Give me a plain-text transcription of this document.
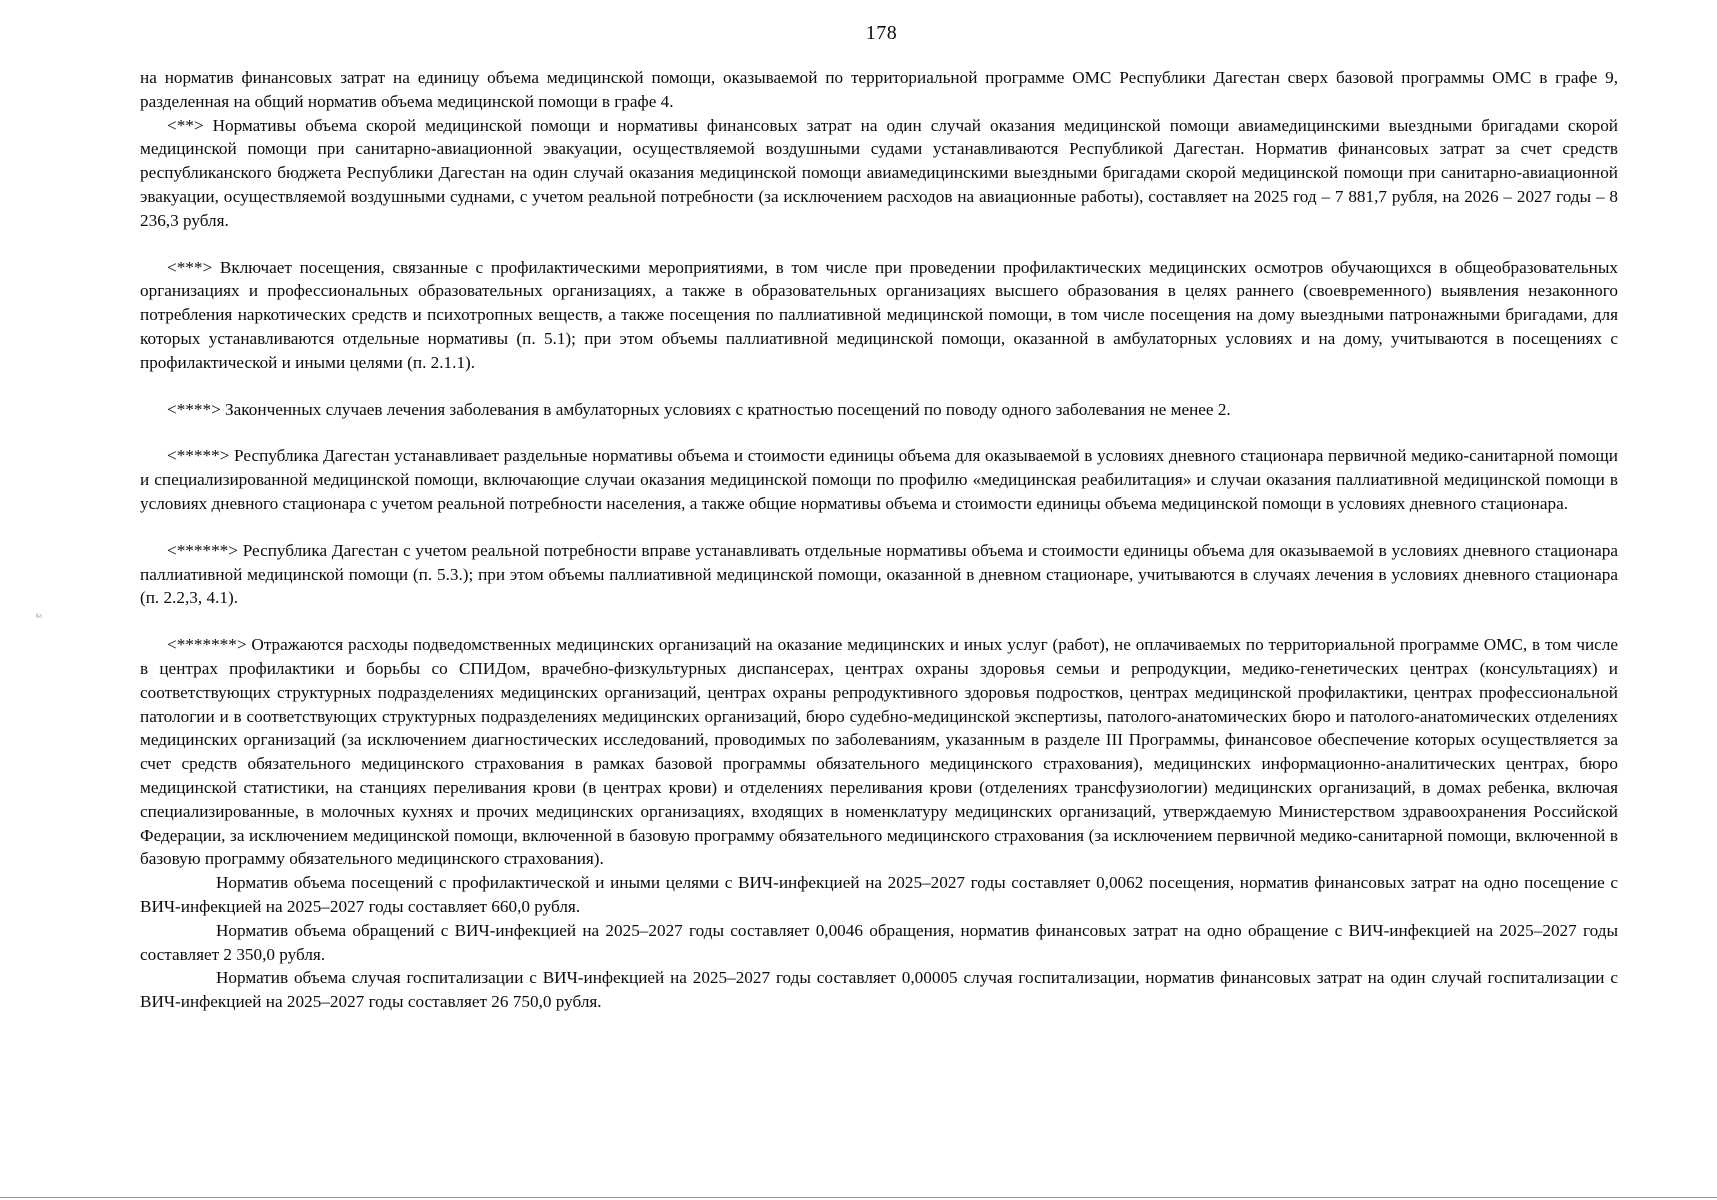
178
ᵏᵃ

на норматив финансовых затрат на единицу объема медицинской помощи, оказываемой по территориальной программе ОМС Республики Дагестан сверх базовой программы ОМС в графе 9, разделенная на общий норматив объема медицинской помощи в графе 4.

<**> Нормативы объема скорой медицинской помощи и нормативы финансовых затрат на один случай оказания медицинской помощи авиамедицинскими выездными бригадами скорой медицинской помощи при санитарно-авиационной эвакуации, осуществляемой воздушными судами устанавливаются Республикой Дагестан. Норматив финансовых затрат за счет средств республиканского бюджета Республики Дагестан на один случай оказания медицинской помощи авиамедицинскими выездными бригадами скорой медицинской помощи при санитарно-авиационной эвакуации, осуществляемой воздушными суднами, с учетом реальной потребности (за исключением расходов на авиационные работы), составляет на 2025 год – 7 881,7 рубля, на 2026 – 2027 годы – 8 236,3 рубля.

<***> Включает посещения, связанные с профилактическими мероприятиями, в том числе при проведении профилактических медицинских осмотров обучающихся в общеобразовательных организациях и профессиональных образовательных организациях, а также в образовательных организациях высшего образования в целях раннего (своевременного) выявления незаконного потребления наркотических средств и психотропных веществ, а также посещения по паллиативной медицинской помощи, в том числе посещения на дому выездными патронажными бригадами, для которых устанавливаются отдельные нормативы (п. 5.1); при этом объемы паллиативной медицинской помощи, оказанной в амбулаторных условиях и на дому, учитываются в посещениях с профилактической и иными целями (п. 2.1.1).

<****> Законченных случаев лечения заболевания в амбулаторных условиях с кратностью посещений по поводу одного заболевания не менее 2.

<*****> Республика Дагестан устанавливает раздельные нормативы объема и стоимости единицы объема для оказываемой в условиях дневного стационара первичной медико-санитарной помощи и специализированной медицинской помощи, включающие случаи оказания медицинской помощи по профилю «медицинская реабилитация» и случаи оказания паллиативной медицинской помощи в условиях дневного стационара с учетом реальной потребности населения, а также общие нормативы объема и стоимости единицы объема медицинской помощи в условиях дневного стационара.

<******> Республика Дагестан с учетом реальной потребности вправе устанавливать отдельные нормативы объема и стоимости единицы объема для оказываемой в условиях дневного стационара паллиативной медицинской помощи (п. 5.3.); при этом объемы паллиативной медицинской помощи, оказанной в дневном стационаре, учитываются в случаях лечения в условиях дневного стационара (п. 2.2,3, 4.1).

<*******> Отражаются расходы подведомственных медицинских организаций на оказание медицинских и иных услуг (работ), не оплачиваемых по территориальной программе ОМС, в том числе в центрах профилактики и борьбы со СПИДом, врачебно-физкультурных диспансерах, центрах охраны здоровья семьи и репродукции, медико-генетических центрах (консультациях) и соответствующих структурных подразделениях медицинских организаций, центрах охраны репродуктивного здоровья подростков, центрах медицинской профилактики, центрах профессиональной патологии и в соответствующих структурных подразделениях медицинских организаций, бюро судебно-медицинской экспертизы, патолого-анатомических бюро и патолого-анатомических отделениях медицинских организаций (за исключением диагностических исследований, проводимых по заболеваниям, указанным в разделе III Программы, финансовое обеспечение которых осуществляется за счет средств обязательного медицинского страхования в рамках базовой программы обязательного медицинского страхования), медицинских информационно-аналитических центрах, бюро медицинской статистики, на станциях переливания крови (в центрах крови) и отделениях переливания крови (отделениях трансфузиологии) медицинских организаций, в домах ребенка, включая специализированные, в молочных кухнях и прочих медицинских организациях, входящих в номенклатуру медицинских организаций, утверждаемую Министерством здравоохранения Российской Федерации, за исключением медицинской помощи, включенной в базовую программу обязательного медицинского страхования (за исключением первичной медико-санитарной помощи, включенной в базовую программу обязательного медицинского страхования).

Норматив объема посещений с профилактической и иными целями с ВИЧ-инфекцией на 2025–2027 годы составляет 0,0062 посещения, норматив финансовых затрат на одно посещение с ВИЧ-инфекцией на 2025–2027 годы составляет 660,0 рубля.

Норматив объема обращений с ВИЧ-инфекцией на 2025–2027 годы составляет 0,0046 обращения, норматив финансовых затрат на одно обращение с ВИЧ-инфекцией на 2025–2027 годы составляет 2 350,0 рубля.

Норматив объема случая госпитализации с ВИЧ-инфекцией на 2025–2027 годы составляет 0,00005 случая госпитализации, норматив финансовых затрат на один случай госпитализации с ВИЧ-инфекцией на 2025–2027 годы составляет 26 750,0 рубля.
